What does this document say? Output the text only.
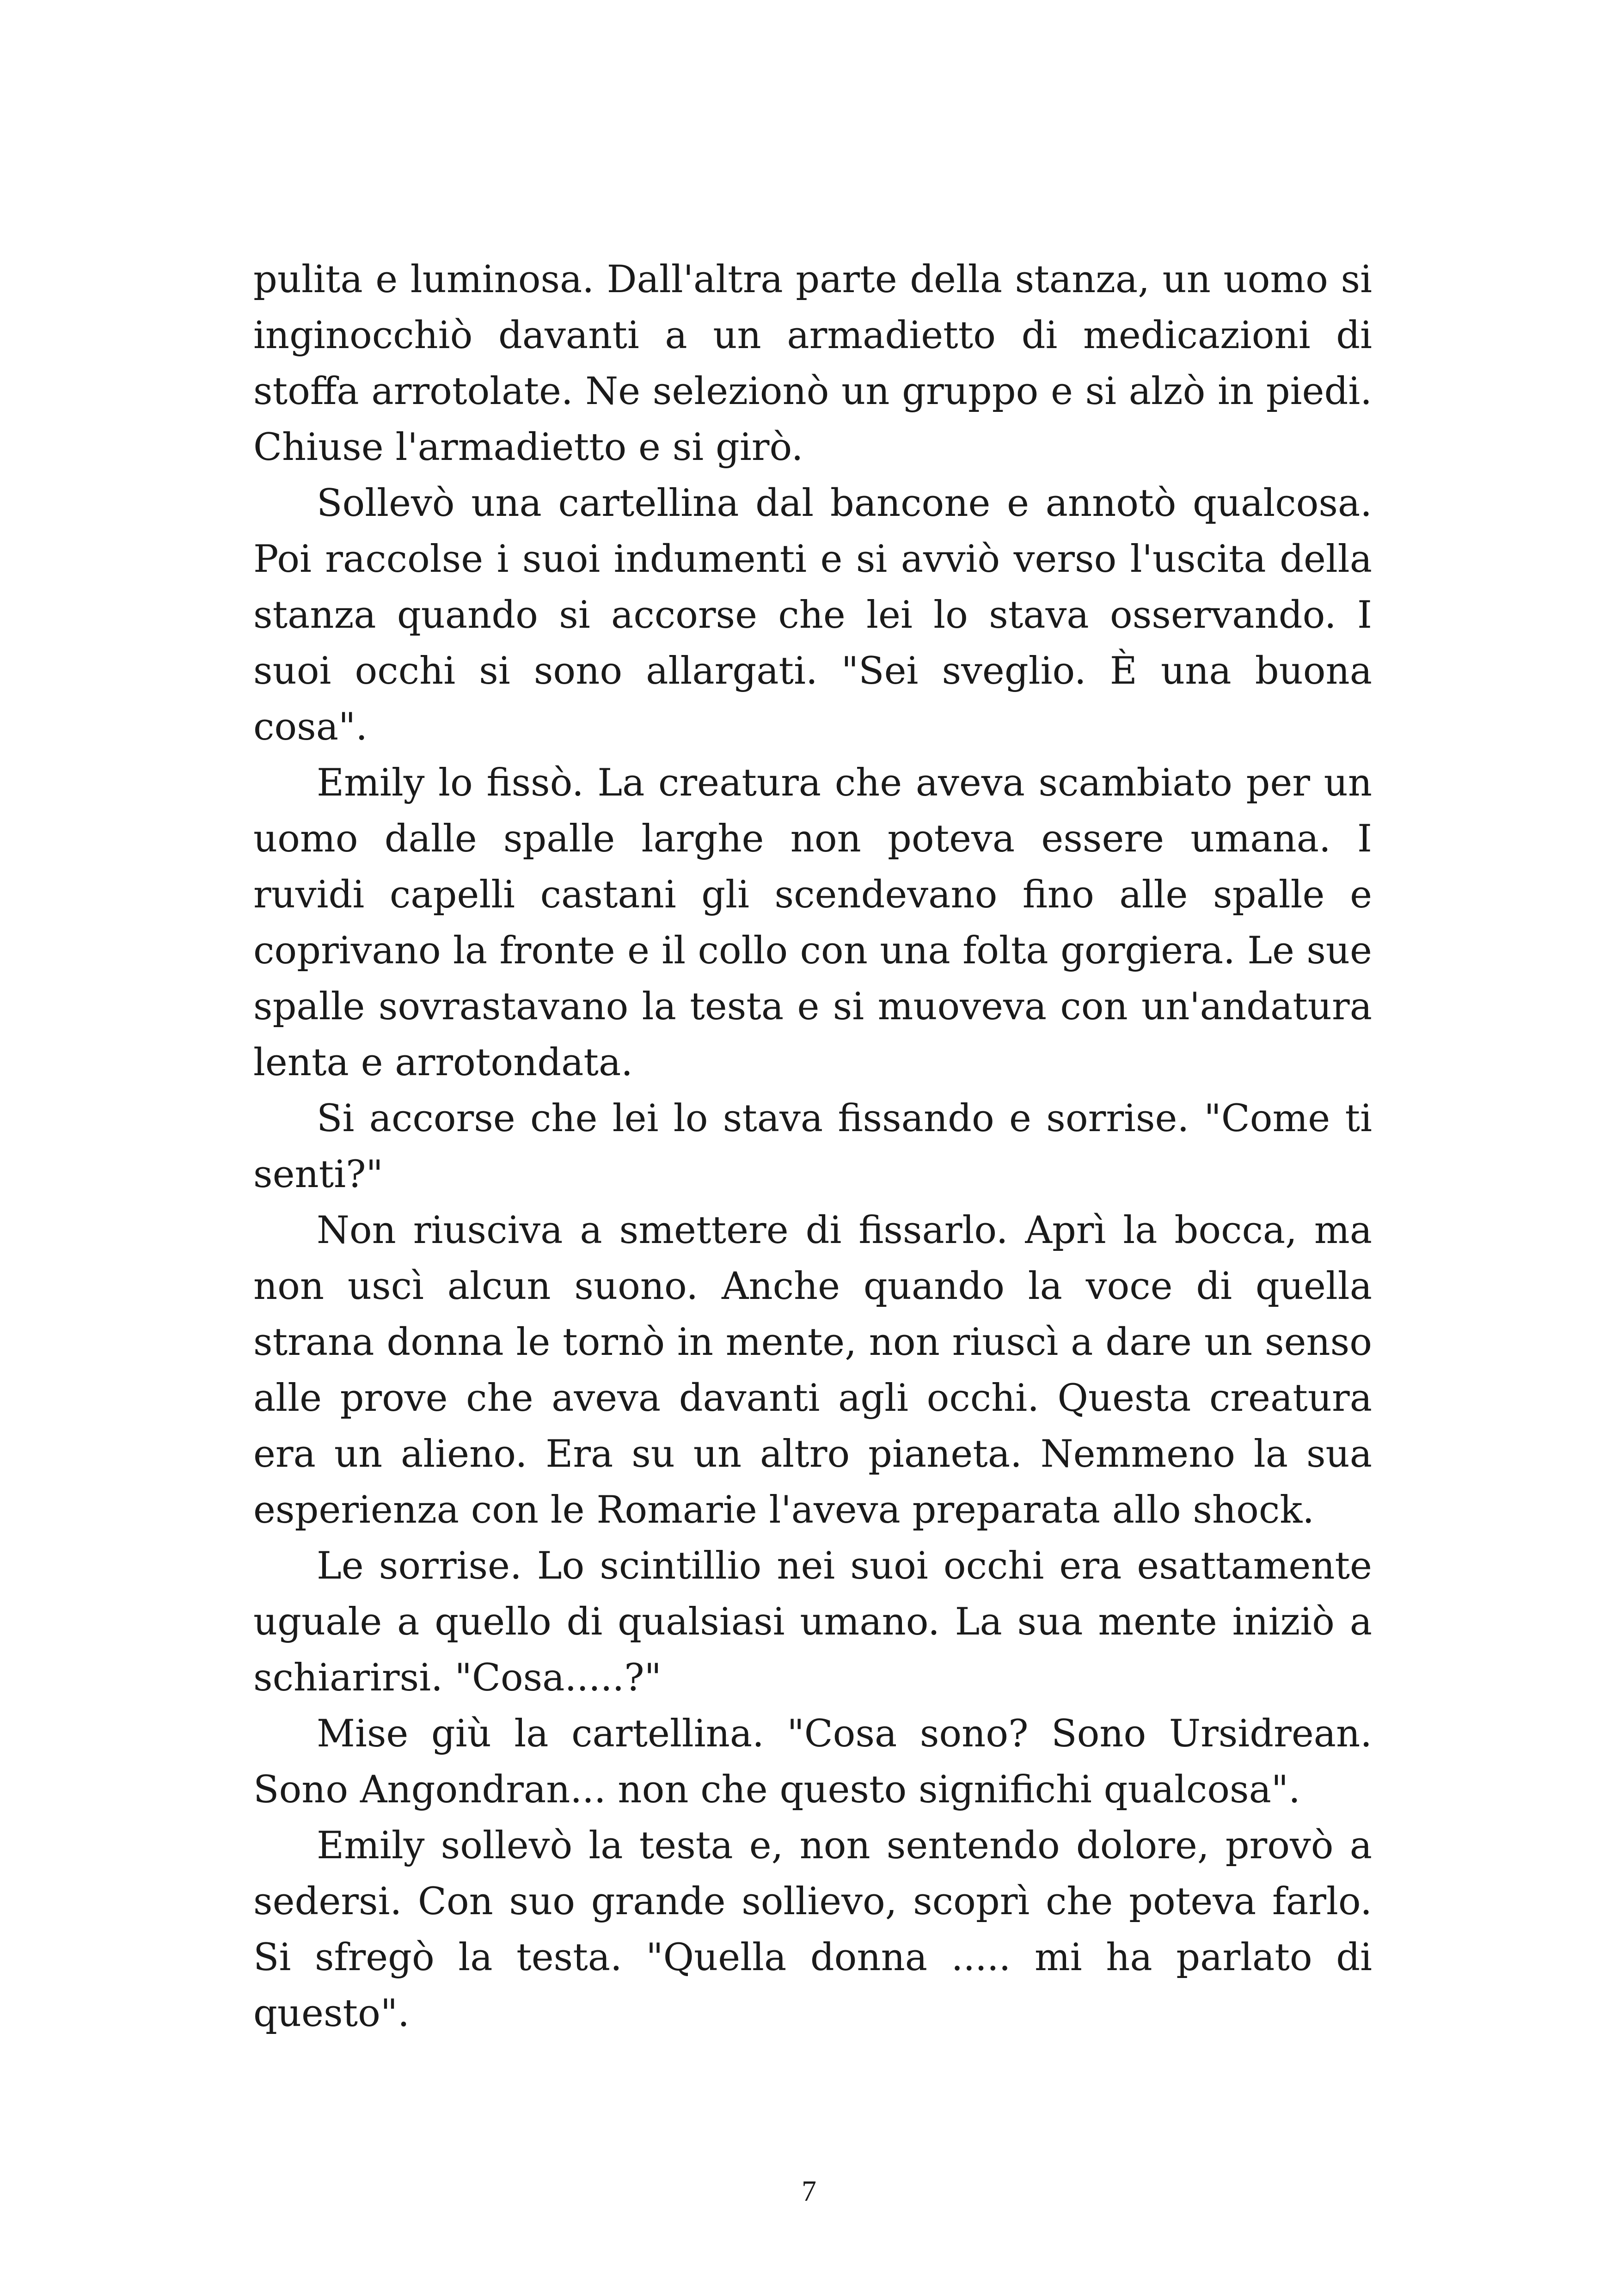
pulita e luminosa. Dall'altra parte della stanza, un uomo si inginocchiò davanti a un armadietto di medicazioni di stoffa arrotolate. Ne selezionò un gruppo e si alzò in piedi. Chiuse l'armadietto e si girò.

Sollevò una cartellina dal bancone e annotò qualcosa. Poi raccolse i suoi indumenti e si avviò verso l'uscita della stanza quando si accorse che lei lo stava osservando. I suoi occhi si sono allargati. "Sei sveglio. È una buona cosa".

Emily lo fissò. La creatura che aveva scambiato per un uomo dalle spalle larghe non poteva essere umana. I ruvidi capelli castani gli scendevano fino alle spalle e coprivano la fronte e il collo con una folta gorgiera. Le sue spalle sovrastavano la testa e si muoveva con un'andatura lenta e arrotondata.

Si accorse che lei lo stava fissando e sorrise. "Come ti senti?"

Non riusciva a smettere di fissarlo. Aprì la bocca, ma non uscì alcun suono. Anche quando la voce di quella strana donna le tornò in mente, non riuscì a dare un senso alle prove che aveva davanti agli occhi. Questa creatura era un alieno. Era su un altro pianeta. Nemmeno la sua esperienza con le Romarie l'aveva preparata allo shock.

Le sorrise. Lo scintillio nei suoi occhi era esattamente uguale a quello di qualsiasi umano. La sua mente iniziò a schiarirsi. "Cosa.....?"

Mise giù la cartellina. "Cosa sono? Sono Ursidrean. Sono Angondran... non che questo significhi qualcosa".

Emily sollevò la testa e, non sentendo dolore, provò a sedersi. Con suo grande sollievo, scoprì che poteva farlo. Si sfregò la testa. "Quella donna ..... mi ha parlato di questo".

7
